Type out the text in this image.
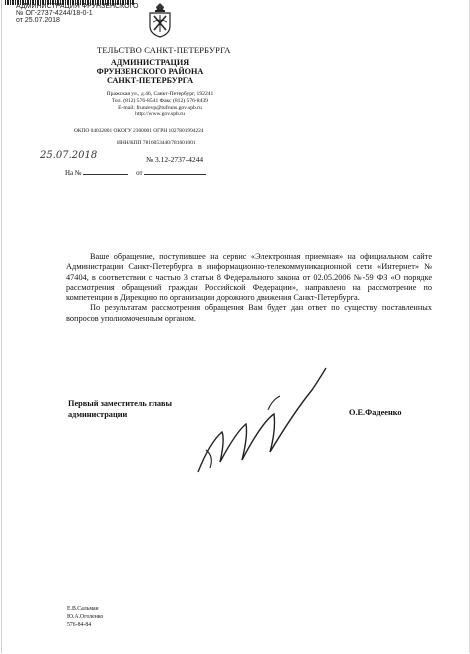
АДМИНИСТРАЦИЯ ФРУНЗЕНСКОГО
№ ОГ-2737-4244/18-0-1
от 25.07.2018
ТЕЛЬСТВО САНКТ-ПЕТЕРБУРГА
АДМИНИСТРАЦИЯ
ФРУНЗЕНСКОГО РАЙОНА
САНКТ-ПЕТЕРБУРГА
Пражская ул., д.46, Санкт-Петербург, 192241
Тел. (812) 576-8541 Факс (812) 576-8439
E-mail: frunzevp@tufruns.gov.spb.ru
http://www.gov.spb.ru
ОКПО 04032801 ОКОГУ 2300001 ОГРН 1027801994224
ИНН/КПП 7816053440/781601001
25.07.2018	№ 3.12-2737-4244
На №	от

Ваше обращение, поступившее на сервис «Электронная приемная» на официальном сайте Администрации Санкт-Петербурга в информационно-телекоммуникационной сети «Интернет» № 47404, в соответствии с частью 3 статьи 8 Федерального закона от 02.05.2006 №-59 ФЗ «О порядке рассмотрения обращений граждан Российской Федерации», направлено на рассмотрение по компетенции в Дирекцию по организации дорожного движения Санкт-Петербурга.

По результатам рассмотрения обращения Вам будет дан ответ по существу поставленных вопросов уполномоченным органом.

Первый заместитель главы
администрации	О.Е.Фадеенко
Е.В.Сальман
Ю.А.Оголенко
576-84-84
